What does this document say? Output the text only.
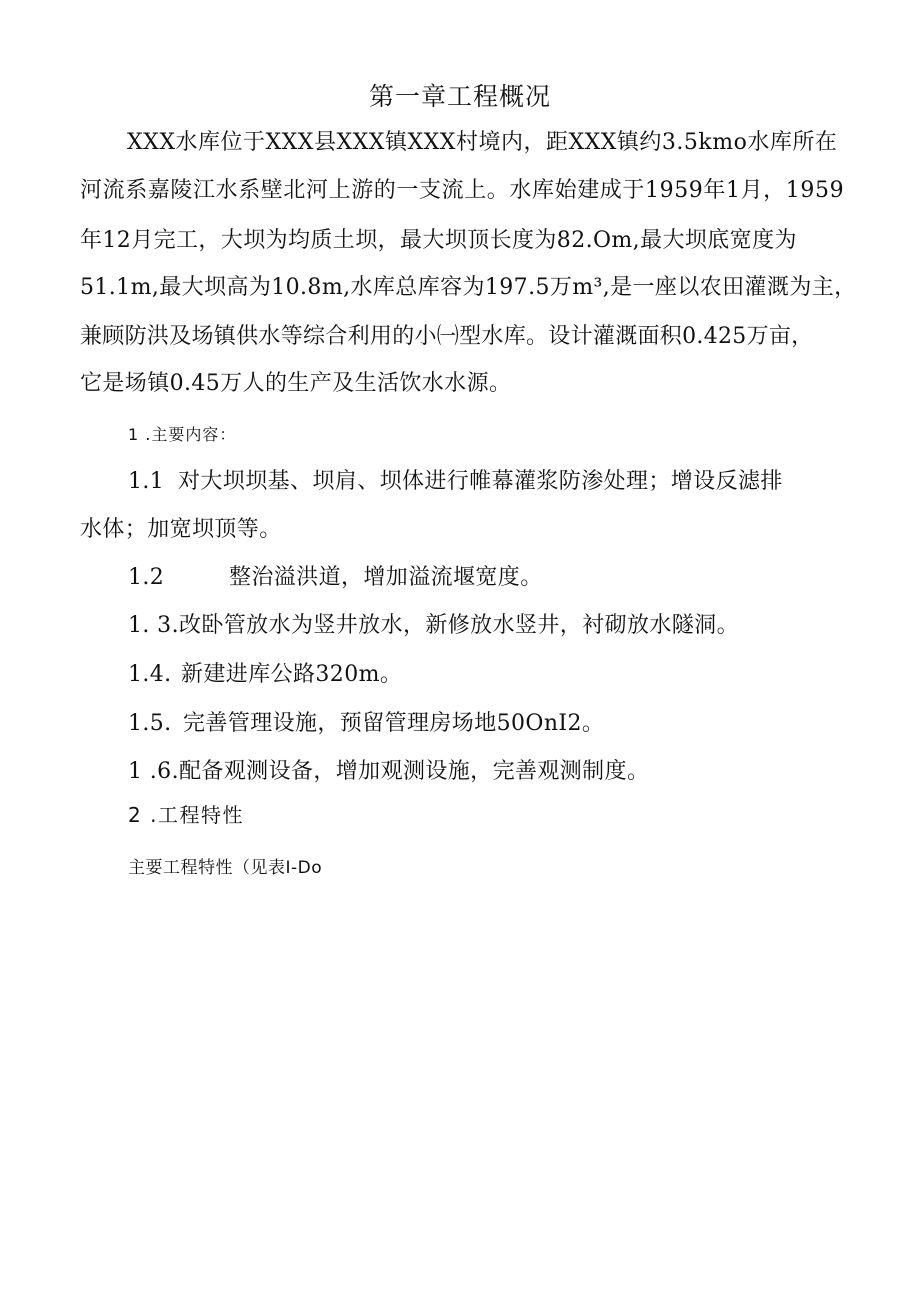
第一章工程概况
XXX水库位于XXX县XXX镇XXX村境内，距XXX镇约3.5kmo水库所在
河流系嘉陵江水系壁北河上游的一支流上。水库始建成于1959年1月，1959
年12月完工，大坝为均质土坝，最大坝顶长度为82.Om,最大坝底宽度为
51.1m,最大坝高为10.8m,水库总库容为197.5万m³,是一座以农田灌溉为主，
兼顾防洪及场镇供水等综合利用的小㈠型水库。设计灌溉面积0.425万亩，
它是场镇0.45万人的生产及生活饮水水源。
1 .主要内容：
1.1 对大坝坝基、坝肩、坝体进行帷幕灌浆防渗处理；增设反滤排
水体；加宽坝顶等。
1.2	整治溢洪道，增加溢流堰宽度。
1. 3.改卧管放水为竖井放水，新修放水竖井，衬砌放水隧洞。
1.4. 新建进库公路320m。
1.5. 完善管理设施，预留管理房场地50OnI2。
1 .6.配备观测设备，增加观测设施，完善观测制度。
2 .工程特性
主要工程特性（见表I-Do
